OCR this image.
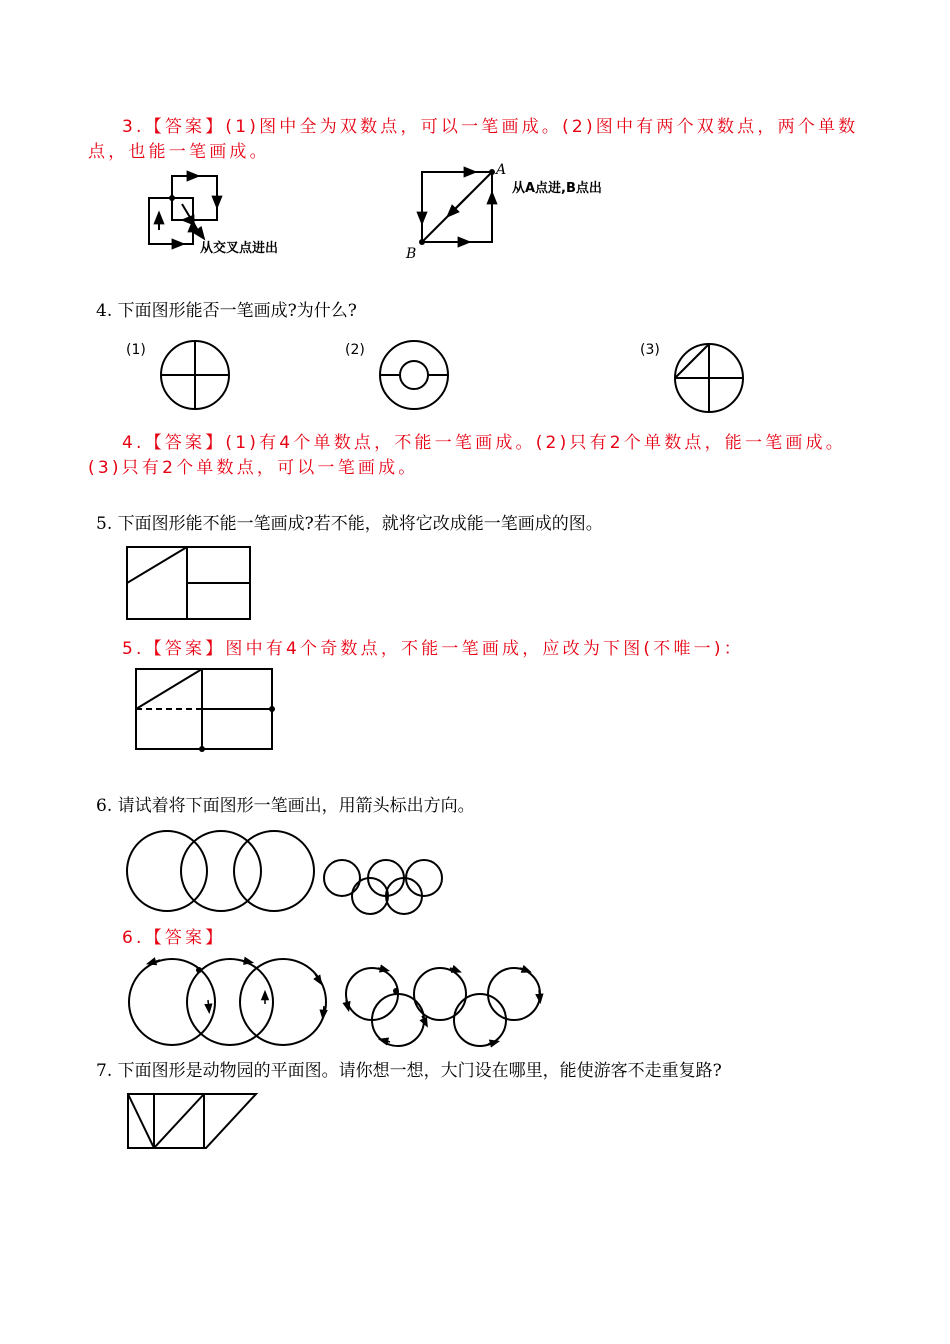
3.【答案】(1)图中全为双数点，可以一笔画成。(2)图中有两个双数点，两个单数
点，也能一笔画成。
从交叉点进出
A
B
从A点进,B点出
4. 下面图形能否一笔画成?为什么?
(1)	(2)	(3)
4.【答案】(1)有4个单数点，不能一笔画成。(2)只有2个单数点，能一笔画成。
(3)只有2个单数点，可以一笔画成。
5. 下面图形能不能一笔画成?若不能，就将它改成能一笔画成的图。
5.【答案】图中有4个奇数点，不能一笔画成，应改为下图(不唯一)：
6. 请试着将下面图形一笔画出，用箭头标出方向。
6.【答案】
7. 下面图形是动物园的平面图。请你想一想，大门设在哪里，能使游客不走重复路?
